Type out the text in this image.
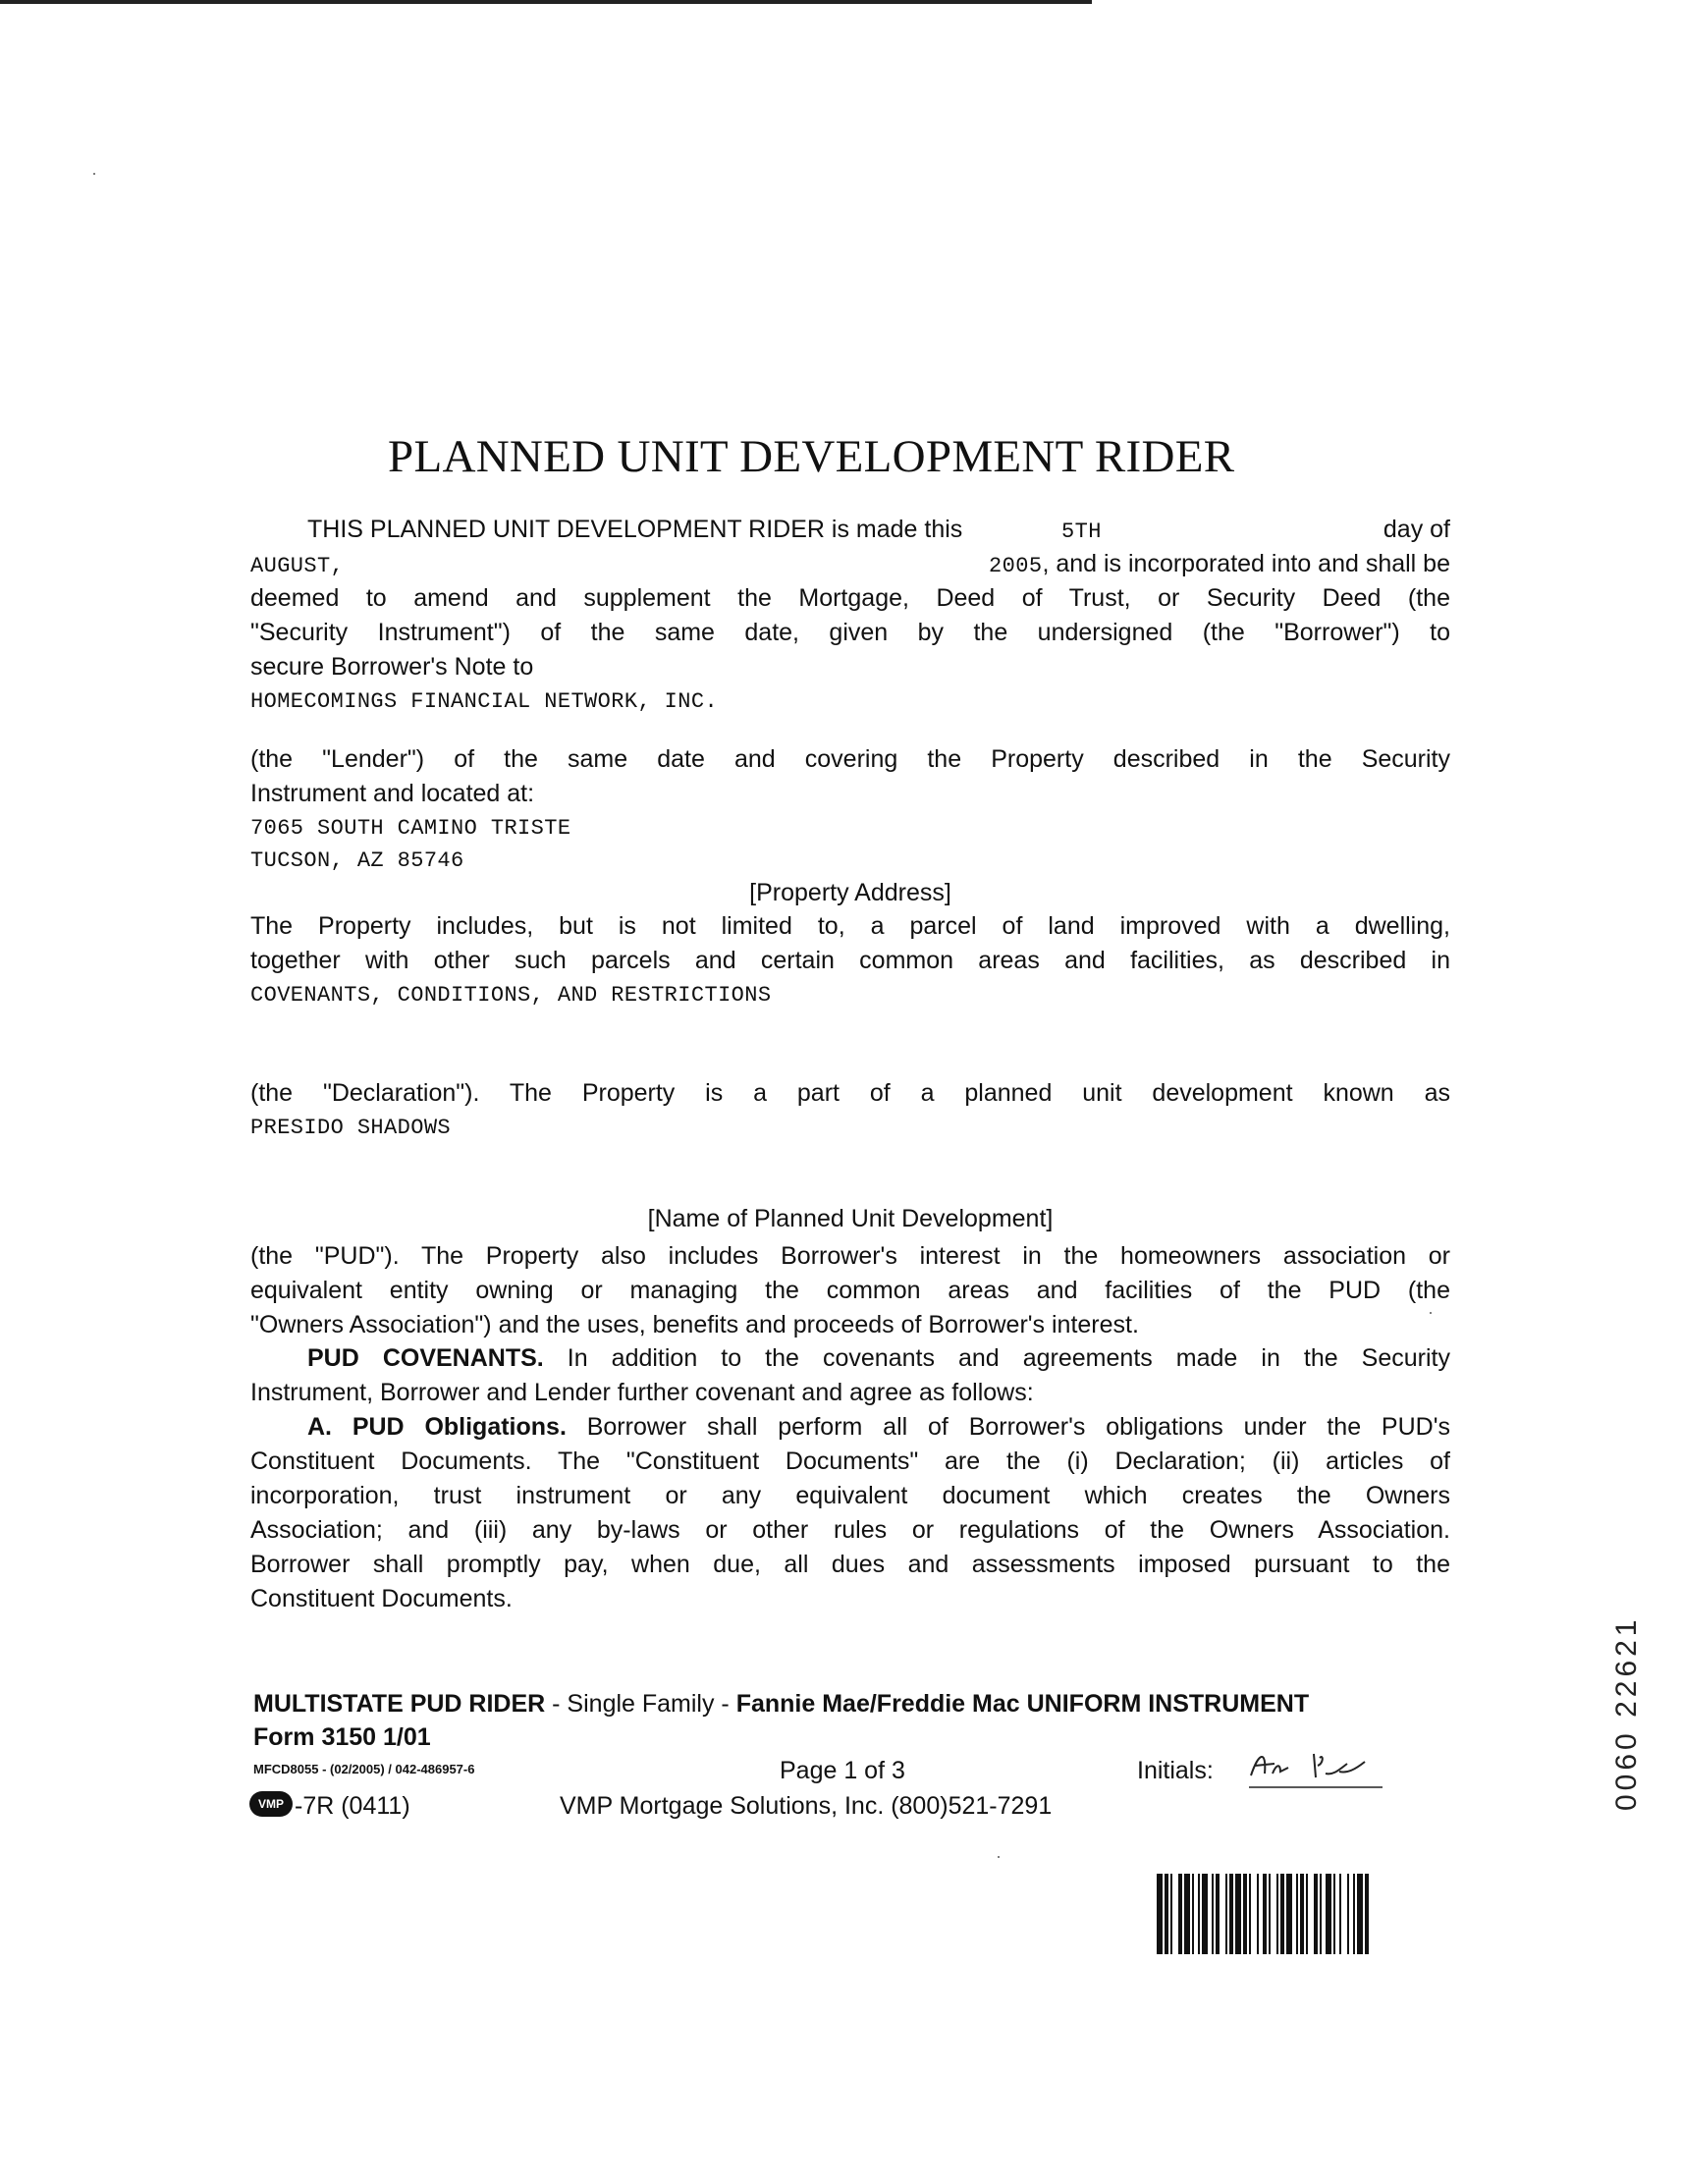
PLANNED UNIT DEVELOPMENT RIDER
THIS PLANNED UNIT DEVELOPMENT RIDER is made this	5TH	day of
AUGUST,	2005, and is incorporated into and shall be
deemed to amend and supplement the Mortgage, Deed of Trust, or Security Deed (the
"Security Instrument") of the same date, given by the undersigned (the "Borrower") to
secure Borrower's Note to
HOMECOMINGS FINANCIAL NETWORK, INC.
(the "Lender") of the same date and covering the Property described in the Security
Instrument and located at:
7065 SOUTH CAMINO TRISTE
TUCSON, AZ 85746
[Property Address]
The Property includes, but is not limited to, a parcel of land improved with a dwelling,
together with other such parcels and certain common areas and facilities, as described in
COVENANTS, CONDITIONS, AND RESTRICTIONS
(the "Declaration"). The Property is a part of a planned unit development known as
PRESIDO SHADOWS
[Name of Planned Unit Development]
(the "PUD"). The Property also includes Borrower's interest in the homeowners association or
equivalent entity owning or managing the common areas and facilities of the PUD (the
"Owners Association") and the uses, benefits and proceeds of Borrower's interest.
PUD COVENANTS. In addition to the covenants and agreements made in the Security
Instrument, Borrower and Lender further covenant and agree as follows:
A. PUD Obligations. Borrower shall perform all of Borrower's obligations under the PUD's
Constituent Documents. The "Constituent Documents" are the (i) Declaration; (ii) articles of
incorporation, trust instrument or any equivalent document which creates the Owners
Association; and (iii) any by-laws or other rules or regulations of the Owners Association.
Borrower shall promptly pay, when due, all dues and assessments imposed pursuant to the
Constituent Documents.
MULTISTATE PUD RIDER - Single Family - Fannie Mae/Freddie Mac UNIFORM INSTRUMENT
Form 3150 1/01
MFCD8055 - (02/2005) / 042-486957-6	Page 1 of 3	Initials:
VMP -7R (0411)	VMP Mortgage Solutions, Inc. (800)521-7291	0060 22621
